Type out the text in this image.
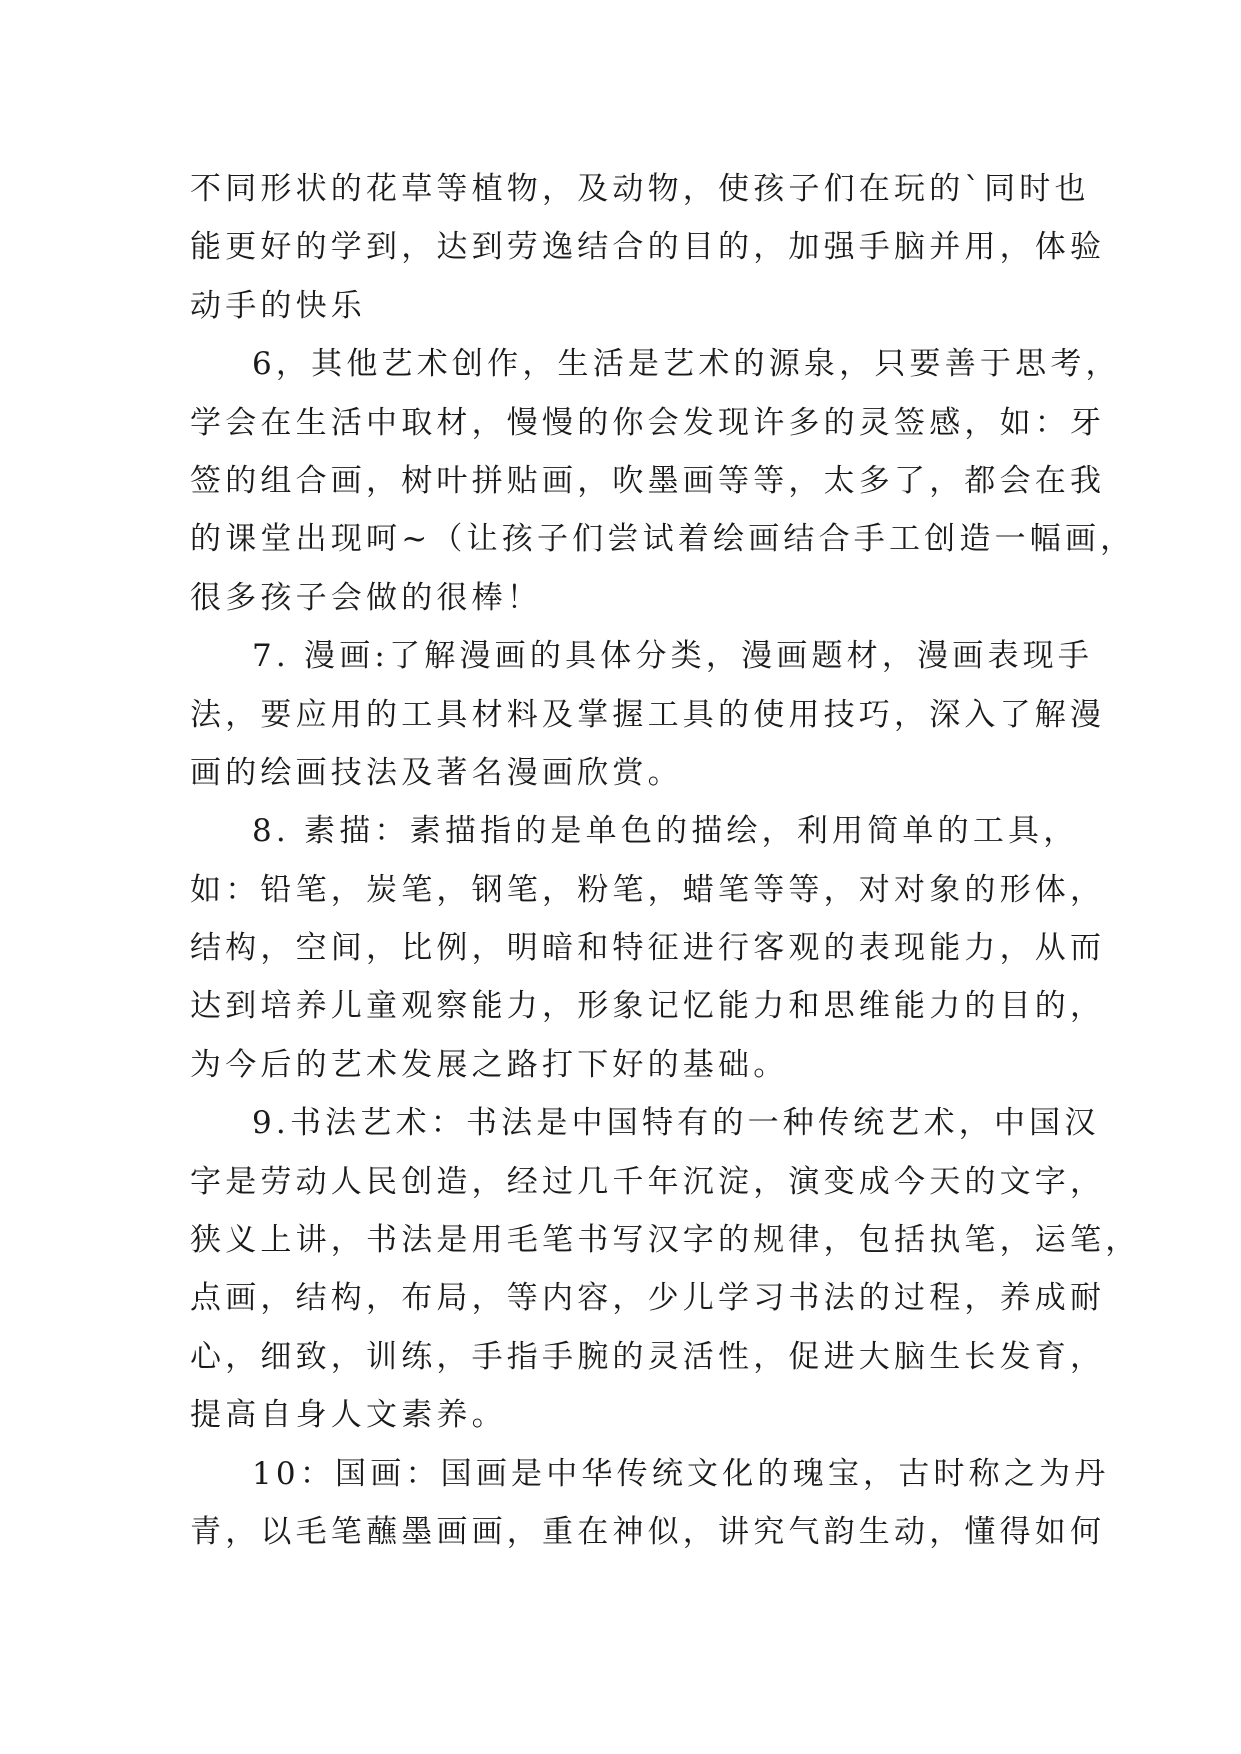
不同形状的花草等植物，及动物，使孩子们在玩的`同时也
能更好的学到，达到劳逸结合的目的，加强手脑并用，体验
动手的快乐
6，其他艺术创作，生活是艺术的源泉，只要善于思考，
学会在生活中取材，慢慢的你会发现许多的灵签感，如：牙
签的组合画，树叶拼贴画，吹墨画等等，太多了，都会在我
的课堂出现呵~（让孩子们尝试着绘画结合手工创造一幅画，
很多孩子会做的很棒！
7. 漫画:了解漫画的具体分类，漫画题材，漫画表现手
法，要应用的工具材料及掌握工具的使用技巧，深入了解漫
画的绘画技法及著名漫画欣赏。
8. 素描：素描指的是单色的描绘，利用简单的工具，
如：铅笔，炭笔，钢笔，粉笔，蜡笔等等，对对象的形体，
结构，空间，比例，明暗和特征进行客观的表现能力，从而
达到培养儿童观察能力，形象记忆能力和思维能力的目的，
为今后的艺术发展之路打下好的基础。
9.书法艺术：书法是中国特有的一种传统艺术，中国汉
字是劳动人民创造，经过几千年沉淀，演变成今天的文字，
狭义上讲，书法是用毛笔书写汉字的规律，包括执笔，运笔，
点画，结构，布局，等内容，少儿学习书法的过程，养成耐
心，细致，训练，手指手腕的灵活性，促进大脑生长发育，
提高自身人文素养。
10：国画：国画是中华传统文化的瑰宝，古时称之为丹
青，以毛笔蘸墨画画，重在神似，讲究气韵生动，懂得如何
